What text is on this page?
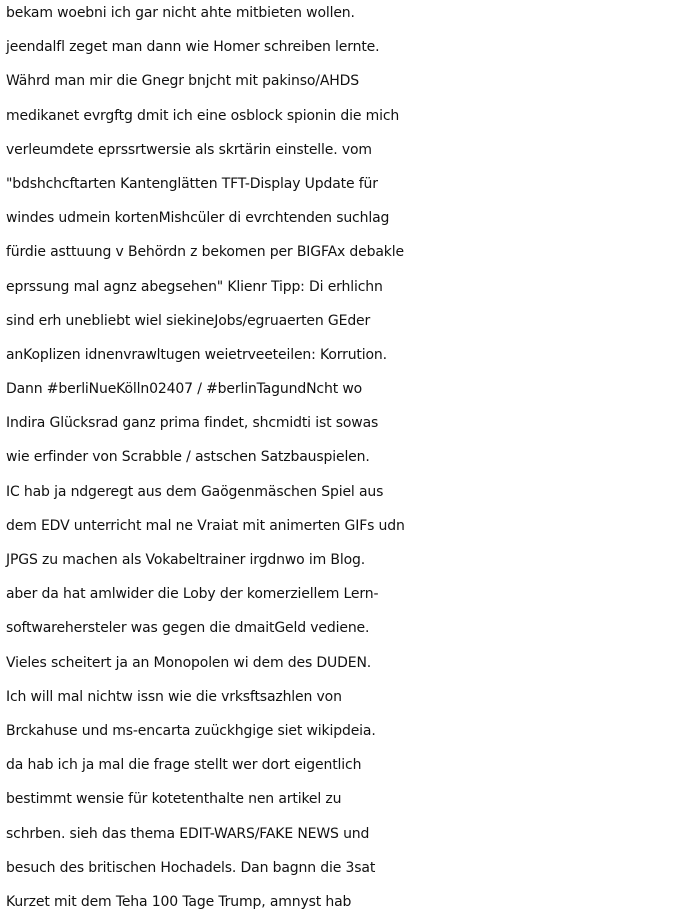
bekam woebni ich gar nicht ahte mitbieten wollen.
jeendalfl zeget man dann wie Homer schreiben lernte.
Währd man mir die Gnegr bnjcht mit pakinso/AHDS
medikanet evrgftg dmit ich eine osblock spionin die mich
verleumdete eprssrtwersie als skrtärin einstelle. vom
"bdshchcftarten Kantenglätten TFT-Display Update für
windes udmein kortenMishcüler di evrchtenden suchlag
fürdie asttuung v Behördn z bekomen per BIGFAx debakle
eprssung mal agnz abegsehen" Klienr Tipp: Di erhlichn
sind erh unebliebt wiel siekineJobs/egruaerten GEder
anKoplizen idnenvrawltugen weietrveeteilen: Korrution.
Dann #berliNueKölln02407 / #berlinTagundNcht wo
Indira Glücksrad ganz prima findet, shcmidti ist sowas
wie erfinder von Scrabble / astschen Satzbauspielen.
IC hab ja ndgeregt aus dem Gaögenmäschen Spiel aus
dem EDV unterricht mal ne Vraiat mit animerten GIFs udn
JPGS zu machen als Vokabeltrainer irgdnwo im Blog.
aber da hat amlwider die Loby der komerziellem Lern-
softwarehersteler was gegen die dmaitGeld vediene.
Vieles scheitert ja an Monopolen wi dem des DUDEN.
Ich will mal nichtw issn wie die vrksftsazhlen von
Brckahuse und ms-encarta zuückhgige siet wikipdeia.
da hab ich ja mal die frage stellt wer dort eigentlich
bestimmt wensie für kotetenthalte nen artikel zu
schrben. sieh das thema EDIT-WARS/FAKE NEWS und
besuch des britischen Hochadels. Dan bagnn die 3sat
Kurzet mit dem Teha 100 Tage Trump, amnyst hab
